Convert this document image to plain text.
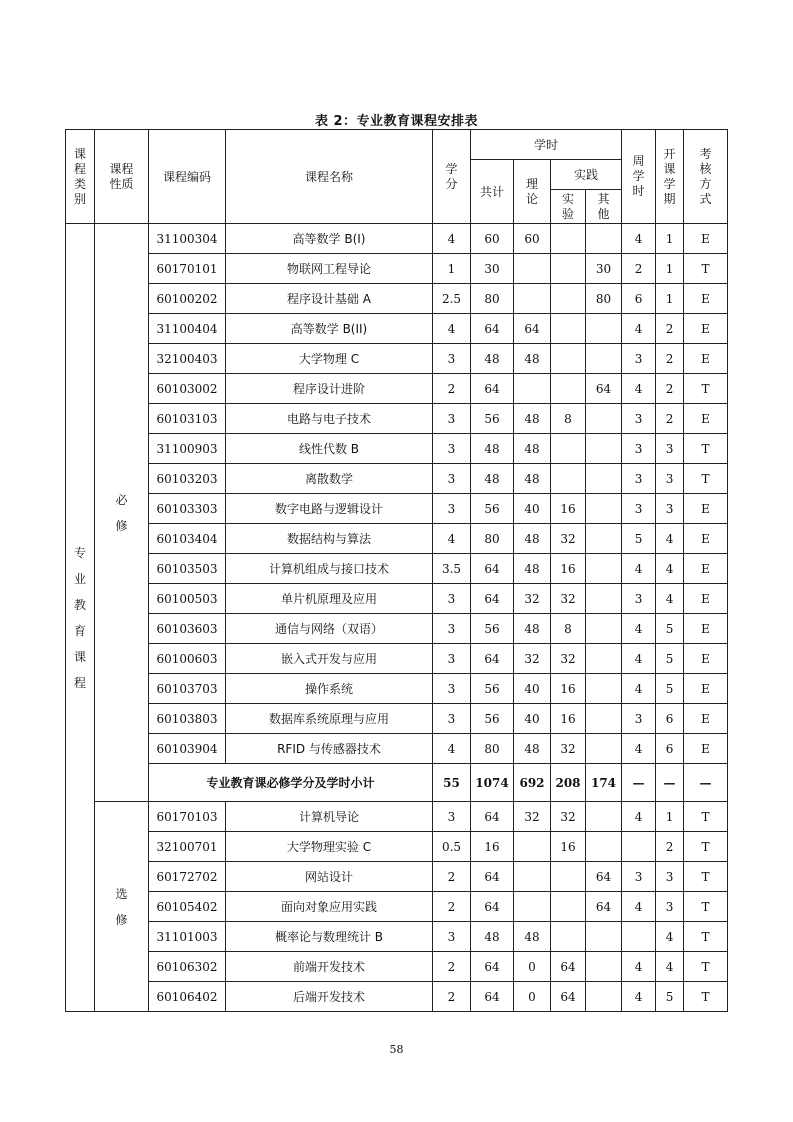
表 2：专业教育课程安排表
课程类别	课程性质	课程编码	课程名称	学分	学时				周学时	开课学期	考核方式

					共计	理论	实践				

							实验	其他			

专业教育课程	必修	31100304	高等数学 B(I)	4	60	60			4	1	E
		60170101	物联网工程导论	1	30			30	2	1	T
		60100202	程序设计基础 A	2.5	80			80	6	1	E
		31100404	高等数学 B(II)	4	64	64			4	2	E
		32100403	大学物理 C	3	48	48			3	2	E
		60103002	程序设计进阶	2	64			64	4	2	T
		60103103	电路与电子技术	3	56	48	8		3	2	E
		31100903	线性代数 B	3	48	48			3	3	T
		60103203	离散数学	3	48	48			3	3	T
		60103303	数字电路与逻辑设计	3	56	40	16		3	3	E
		60103404	数据结构与算法	4	80	48	32		5	4	E
		60103503	计算机组成与接口技术	3.5	64	48	16		4	4	E
		60100503	单片机原理及应用	3	64	32	32		3	4	E
		60103603	通信与网络（双语）	3	56	48	8		4	5	E
		60100603	嵌入式开发与应用	3	64	32	32		4	5	E
		60103703	操作系统	3	56	40	16		4	5	E
		60103803	数据库系统原理与应用	3	56	40	16		3	6	E
		60103904	RFID 与传感器技术	4	80	48	32		4	6	E
		专业教育课必修学分及学时小计		55	1074	692	208	174	—	—	—

	选修	60170103	计算机导论	3	64	32	32		4	1	T
		32100701	大学物理实验 C	0.5	16		16			2	T
		60172702	网站设计	2	64			64	3	3	T
		60105402	面向对象应用实践	2	64			64	4	3	T
		31101003	概率论与数理统计 B	3	48	48				4	T
		60106302	前端开发技术	2	64	0	64		4	4	T
		60106402	后端开发技术	2	64	0	64		4	5	T
58
